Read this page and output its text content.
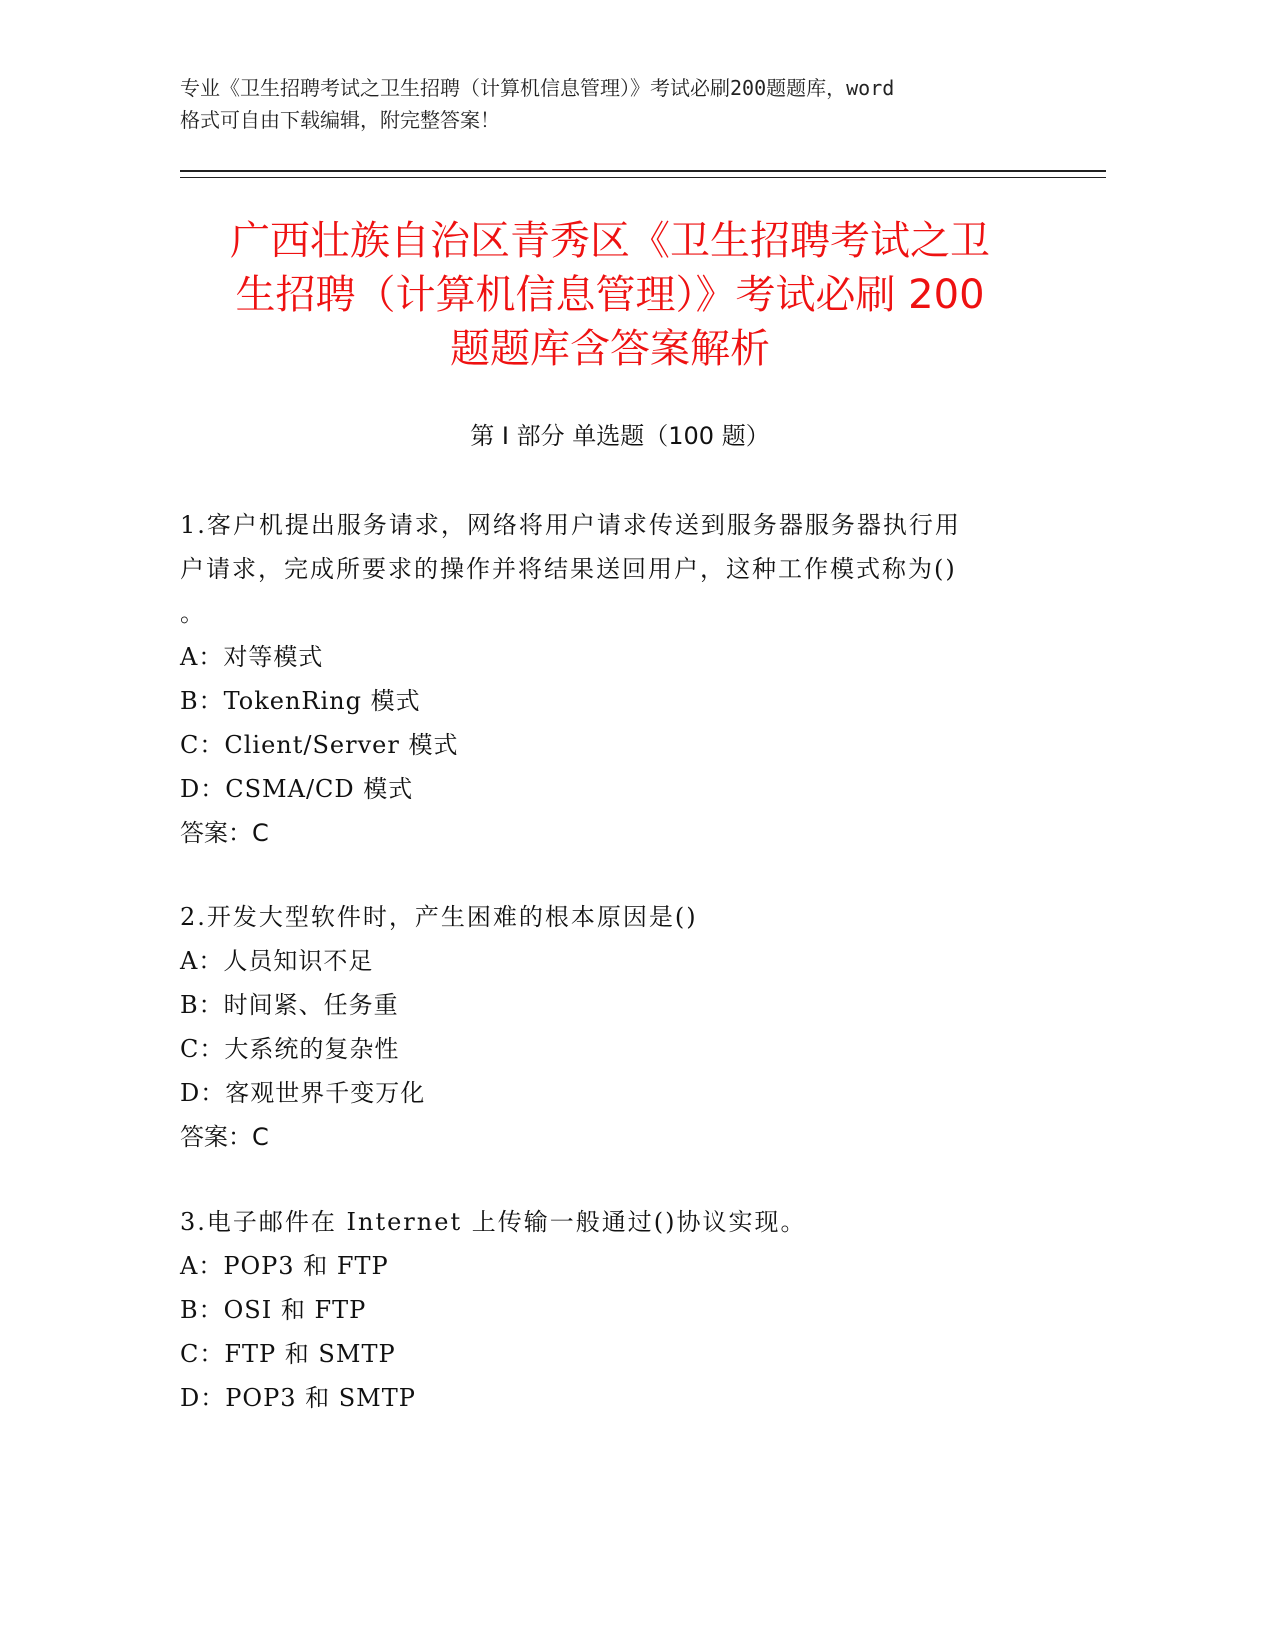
专业《卫生招聘考试之卫生招聘（计算机信息管理）》考试必刷200题题库，word

格式可自由下载编辑，附完整答案！

广西壮族自治区青秀区《卫生招聘考试之卫

生招聘（计算机信息管理）》考试必刷 200

题题库含答案解析

第 I 部分 单选题（100 题）

1.客户机提出服务请求，网络将用户请求传送到服务器服务器执行用

户请求，完成所要求的操作并将结果送回用户，这种工作模式称为()

。

A：对等模式

B：TokenRing 模式

C：Client/Server 模式

D：CSMA/CD 模式

答案：C

2.开发大型软件时，产生困难的根本原因是()

A：人员知识不足

B：时间紧、任务重

C：大系统的复杂性

D：客观世界千变万化

答案：C

3.电子邮件在 Internet 上传输一般通过()协议实现。

A：POP3 和 FTP

B：OSI 和 FTP

C：FTP 和 SMTP

D：POP3 和 SMTP
